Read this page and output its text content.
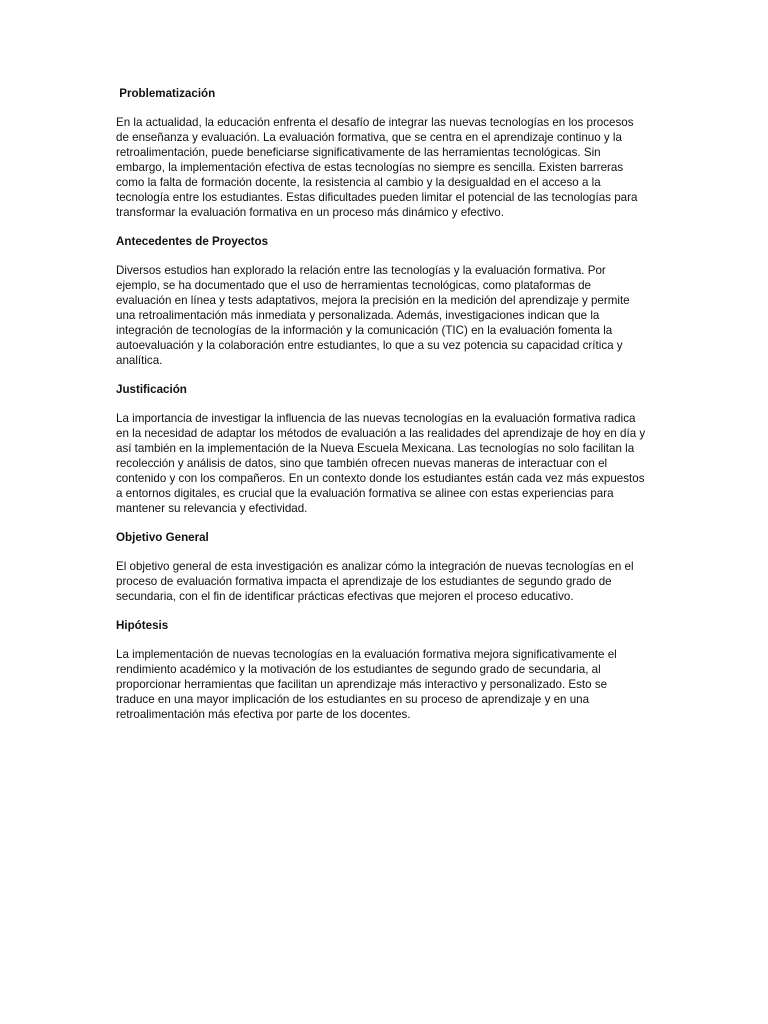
Problematización
En la actualidad, la educación enfrenta el desafío de integrar las nuevas tecnologías en los procesos
de enseñanza y evaluación. La evaluación formativa, que se centra en el aprendizaje continuo y la
retroalimentación, puede beneficiarse significativamente de las herramientas tecnológicas. Sin
embargo, la implementación efectiva de estas tecnologías no siempre es sencilla. Existen barreras
como la falta de formación docente, la resistencia al cambio y la desigualdad en el acceso a la
tecnología entre los estudiantes. Estas dificultades pueden limitar el potencial de las tecnologías para
transformar la evaluación formativa en un proceso más dinámico y efectivo.
Antecedentes de Proyectos
Diversos estudios han explorado la relación entre las tecnologías y la evaluación formativa. Por
ejemplo, se ha documentado que el uso de herramientas tecnológicas, como plataformas de
evaluación en línea y tests adaptativos, mejora la precisión en la medición del aprendizaje y permite
una retroalimentación más inmediata y personalizada. Además, investigaciones indican que la
integración de tecnologías de la información y la comunicación (TIC) en la evaluación fomenta la
autoevaluación y la colaboración entre estudiantes, lo que a su vez potencia su capacidad crítica y
analítica.
Justificación
La importancia de investigar la influencia de las nuevas tecnologías en la evaluación formativa radica
en la necesidad de adaptar los métodos de evaluación a las realidades del aprendizaje de hoy en día y
así también en la implementación de la Nueva Escuela Mexicana. Las tecnologías no solo facilitan la
recolección y análisis de datos, sino que también ofrecen nuevas maneras de interactuar con el
contenido y con los compañeros. En un contexto donde los estudiantes están cada vez más expuestos
a entornos digitales, es crucial que la evaluación formativa se alinee con estas experiencias para
mantener su relevancia y efectividad.
Objetivo General
El objetivo general de esta investigación es analizar cómo la integración de nuevas tecnologías en el
proceso de evaluación formativa impacta el aprendizaje de los estudiantes de segundo grado de
secundaria, con el fin de identificar prácticas efectivas que mejoren el proceso educativo.
Hipótesis
La implementación de nuevas tecnologías en la evaluación formativa mejora significativamente el
rendimiento académico y la motivación de los estudiantes de segundo grado de secundaria, al
proporcionar herramientas que facilitan un aprendizaje más interactivo y personalizado. Esto se
traduce en una mayor implicación de los estudiantes en su proceso de aprendizaje y en una
retroalimentación más efectiva por parte de los docentes.
